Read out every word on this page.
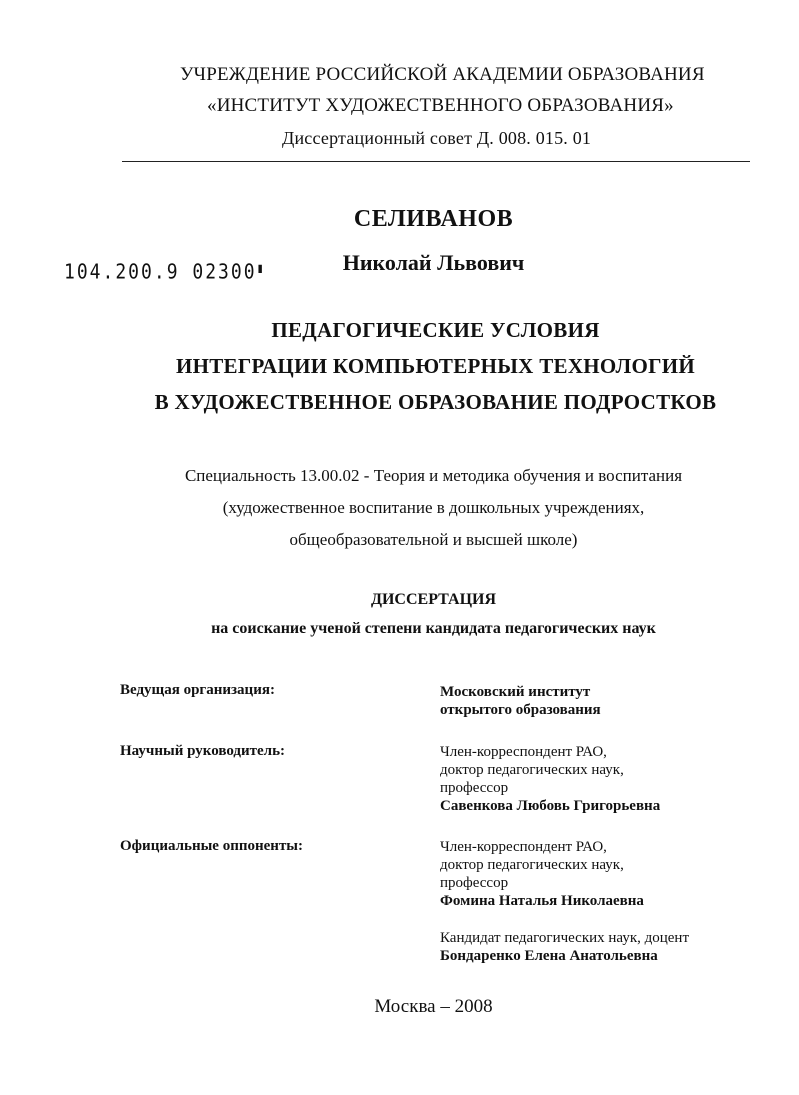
УЧРЕЖДЕНИЕ РОССИЙСКОЙ АКАДЕМИИ ОБРАЗОВАНИЯ
«ИНСТИТУТ ХУДОЖЕСТВЕННОГО ОБРАЗОВАНИЯ»
Диссертационный совет Д. 008. 015. 01
СЕЛИВАНОВ
Николай Львович
104.200.9 02300▮
ПЕДАГОГИЧЕСКИЕ УСЛОВИЯ
ИНТЕГРАЦИИ КОМПЬЮТЕРНЫХ ТЕХНОЛОГИЙ
В ХУДОЖЕСТВЕННОЕ ОБРАЗОВАНИЕ ПОДРОСТКОВ
Специальность 13.00.02 - Теория и методика обучения и воспитания
(художественное воспитание в дошкольных учреждениях,
общеобразовательной и высшей школе)
ДИССЕРТАЦИЯ
на соискание ученой степени кандидата педагогических наук
Ведущая организация:	Московский институт
открытого образования
Научный руководитель:	Член-корреспондент РАО,
доктор педагогических наук,
профессор
Савенкова Любовь Григорьевна
Официальные оппоненты:	Член-корреспондент РАО,
доктор педагогических наук,
профессор
Фомина Наталья Николаевна
Кандидат педагогических наук, доцент
Бондаренко Елена Анатольевна
Москва – 2008
